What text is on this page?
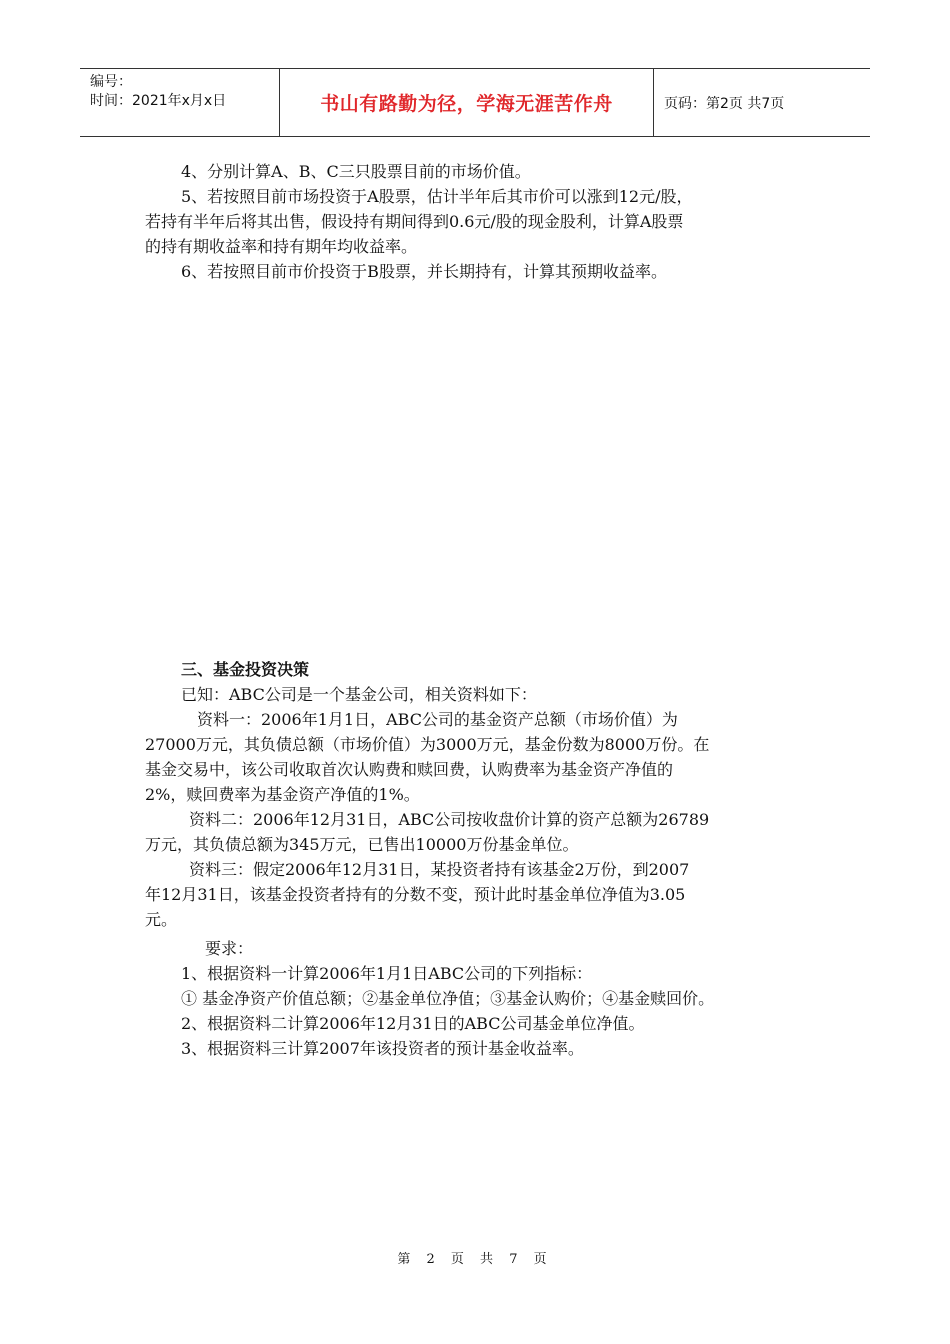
编号：
时间：2021年x月x日	书山有路勤为径，学海无涯苦作舟	页码：第2页 共7页

4、分别计算A、B、C三只股票目前的市场价值。

5、若按照目前市场投资于A股票，估计半年后其市价可以涨到12元/股，

若持有半年后将其出售，假设持有期间得到0.6元/股的现金股利，计算A股票

的持有期收益率和持有期年均收益率。

6、若按照目前市价投资于B股票，并长期持有，计算其预期收益率。

三、基金投资决策

已知：ABC公司是一个基金公司，相关资料如下：

资料一：2006年1月1日，ABC公司的基金资产总额（市场价值）为

27000万元，其负债总额（市场价值）为3000万元，基金份数为8000万份。在

基金交易中，该公司收取首次认购费和赎回费，认购费率为基金资产净值的

2%，赎回费率为基金资产净值的1%。

资料二：2006年12月31日，ABC公司按收盘价计算的资产总额为26789

万元，其负债总额为345万元，已售出10000万份基金单位。

资料三：假定2006年12月31日，某投资者持有该基金2万份，到2007

年12月31日，该基金投资者持有的分数不变，预计此时基金单位净值为3.05

元。

要求：

1、根据资料一计算2006年1月1日ABC公司的下列指标：

① 基金净资产价值总额；②基金单位净值；③基金认购价；④基金赎回价。

2、根据资料二计算2006年12月31日的ABC公司基金单位净值。

3、根据资料三计算2007年该投资者的预计基金收益率。

第 2 页 共 7 页
